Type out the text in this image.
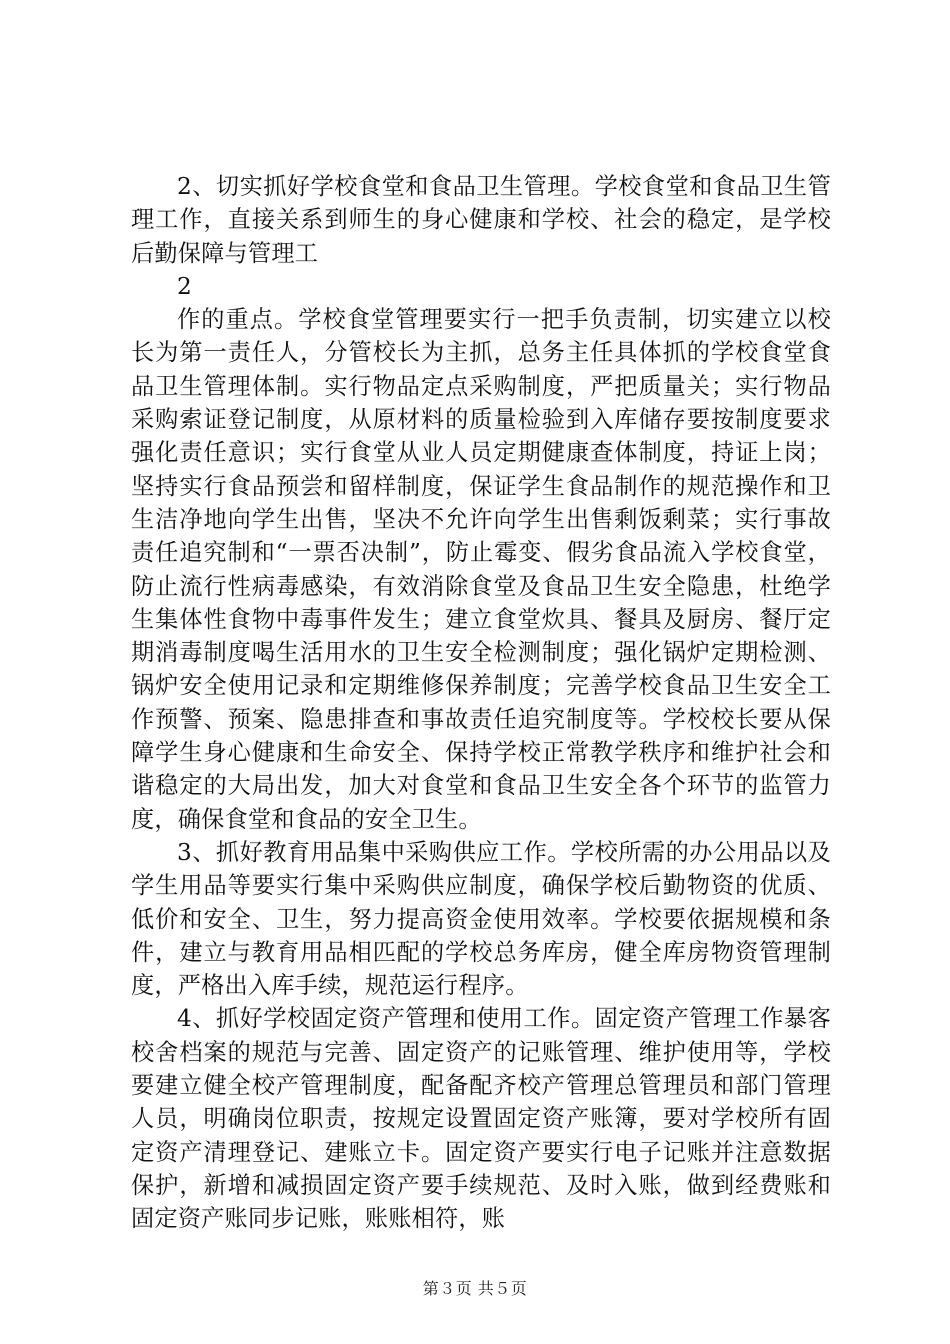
2、切实抓好学校食堂和食品卫生管理。学校食堂和食品卫生管理工作，直接关系到师生的身心健康和学校、社会的稳定，是学校后勤保障与管理工

2

作的重点。学校食堂管理要实行一把手负责制，切实建立以校长为第一责任人，分管校长为主抓，总务主任具体抓的学校食堂食品卫生管理体制。实行物品定点采购制度，严把质量关；实行物品采购索证登记制度，从原材料的质量检验到入库储存要按制度要求强化责任意识；实行食堂从业人员定期健康查体制度，持证上岗；坚持实行食品预尝和留样制度，保证学生食品制作的规范操作和卫生洁净地向学生出售，坚决不允许向学生出售剩饭剩菜；实行事故责任追究制和“一票否决制”，防止霉变、假劣食品流入学校食堂，防止流行性病毒感染，有效消除食堂及食品卫生安全隐患，杜绝学生集体性食物中毒事件发生；建立食堂炊具、餐具及厨房、餐厅定期消毒制度喝生活用水的卫生安全检测制度；强化锅炉定期检测、锅炉安全使用记录和定期维修保养制度；完善学校食品卫生安全工作预警、预案、隐患排查和事故责任追究制度等。学校校长要从保障学生身心健康和生命安全、保持学校正常教学秩序和维护社会和谐稳定的大局出发，加大对食堂和食品卫生安全各个环节的监管力度，确保食堂和食品的安全卫生。

3、抓好教育用品集中采购供应工作。学校所需的办公用品以及学生用品等要实行集中采购供应制度，确保学校后勤物资的优质、低价和安全、卫生，努力提高资金使用效率。学校要依据规模和条件，建立与教育用品相匹配的学校总务库房，健全库房物资管理制度，严格出入库手续，规范运行程序。

4、抓好学校固定资产管理和使用工作。固定资产管理工作暴客校舍档案的规范与完善、固定资产的记账管理、维护使用等，学校要建立健全校产管理制度，配备配齐校产管理总管理员和部门管理人员，明确岗位职责，按规定设置固定资产账簿，要对学校所有固定资产清理登记、建账立卡。固定资产要实行电子记账并注意数据保护，新增和减损固定资产要手续规范、及时入账，做到经费账和固定资产账同步记账，账账相符，账

第３页 共５页
